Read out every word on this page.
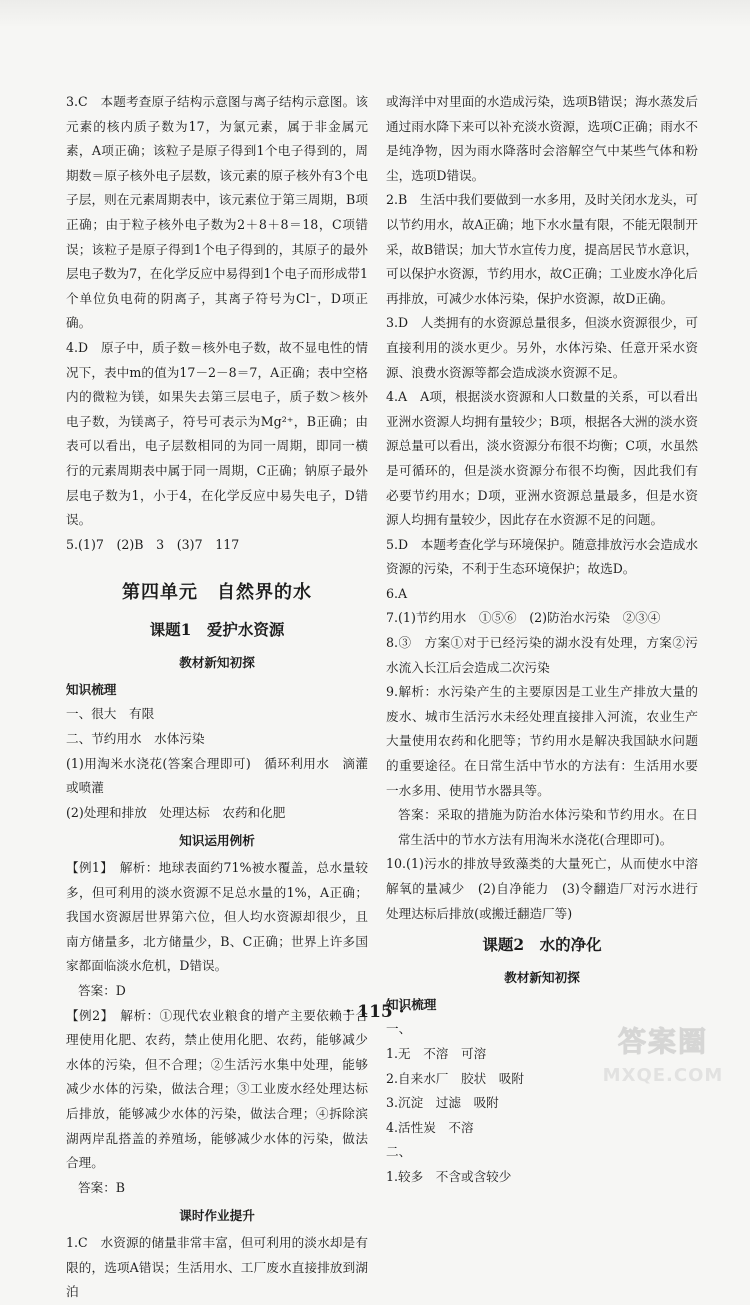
3.C　本题考查原子结构示意图与离子结构示意图。该元素的核内质子数为17，为氯元素，属于非金属元素，A项正确；该粒子是原子得到1个电子得到的，周期数＝原子核外电子层数，该元素的原子核外有3个电子层，则在元素周期表中，该元素位于第三周期，B项正确；由于粒子核外电子数为2＋8＋8＝18，C项错误；该粒子是原子得到1个电子得到的，其原子的最外层电子数为7，在化学反应中易得到1个电子而形成带1个单位负电荷的阴离子，其离子符号为Cl⁻，D项正确。

4.D　原子中，质子数＝核外电子数，故不显电性的情况下，表中m的值为17－2－8＝7，A正确；表中空格内的微粒为镁，如果失去第三层电子，质子数＞核外电子数，为镁离子，符号可表示为Mg²⁺，B正确；由表可以看出，电子层数相同的为同一周期，即同一横行的元素周期表中属于同一周期，C正确；钠原子最外层电子数为1，小于4，在化学反应中易失电子，D错误。

5.(1)7　(2)B　3　(3)7　117

第四单元　自然界的水

课题1　爱护水资源

教材新知初探

知识梳理

一、很大　有限

二、节约用水　水体污染

(1)用淘米水浇花(答案合理即可)　循环利用水　滴灌或喷灌

(2)处理和排放　处理达标　农药和化肥

知识运用例析

【例1】　解析：地球表面约71%被水覆盖，总水量较多，但可利用的淡水资源不足总水量的1%，A正确；我国水资源居世界第六位，但人均水资源却很少，且南方储量多，北方储量少，B、C正确；世界上许多国家都面临淡水危机，D错误。

答案：D

【例2】　解析：①现代农业粮食的增产主要依赖于合理使用化肥、农药，禁止使用化肥、农药，能够减少水体的污染，但不合理；②生活污水集中处理，能够减少水体的污染，做法合理；③工业废水经处理达标后排放，能够减少水体的污染，做法合理；④拆除滨湖两岸乱搭盖的养殖场，能够减少水体的污染，做法合理。

答案：B

课时作业提升

1.C　水资源的储量非常丰富，但可利用的淡水却是有限的，选项A错误；生活用水、工厂废水直接排放到湖泊

或海洋中对里面的水造成污染，选项B错误；海水蒸发后通过雨水降下来可以补充淡水资源，选项C正确；雨水不是纯净物，因为雨水降落时会溶解空气中某些气体和粉尘，选项D错误。

2.B　生活中我们要做到一水多用，及时关闭水龙头，可以节约用水，故A正确；地下水水量有限，不能无限制开采，故B错误；加大节水宣传力度，提高居民节水意识，可以保护水资源，节约用水，故C正确；工业废水净化后再排放，可减少水体污染，保护水资源，故D正确。

3.D　人类拥有的水资源总量很多，但淡水资源很少，可直接利用的淡水更少。另外，水体污染、任意开采水资源、浪费水资源等都会造成淡水资源不足。

4.A　A项，根据淡水资源和人口数量的关系，可以看出亚洲水资源人均拥有量较少；B项，根据各大洲的淡水资源总量可以看出，淡水资源分布很不均衡；C项，水虽然是可循环的，但是淡水资源分布很不均衡，因此我们有必要节约用水；D项，亚洲水资源总量最多，但是水资源人均拥有量较少，因此存在水资源不足的问题。

5.D　本题考查化学与环境保护。随意排放污水会造成水资源的污染，不利于生态环境保护；故选D。

6.A

7.(1)节约用水　①⑤⑥　(2)防治水污染　②③④

8.③　方案①对于已经污染的湖水没有处理，方案②污水流入长江后会造成二次污染

9.解析：水污染产生的主要原因是工业生产排放大量的废水、城市生活污水未经处理直接排入河流，农业生产大量使用农药和化肥等；节约用水是解决我国缺水问题的重要途径。在日常生活中节水的方法有：生活用水要一水多用、使用节水器具等。

答案：采取的措施为防治水体污染和节约用水。在日常生活中的节水方法有用淘米水浇花(合理即可)。

10.(1)污水的排放导致藻类的大量死亡，从而使水中溶解氧的量减少　(2)自净能力　(3)令翻造厂对污水进行处理达标后排放(或搬迁翻造厂等)

课题2　水的净化

教材新知初探

知识梳理

一、

1.无　不溶　可溶

2.自来水厂　胶状　吸附

3.沉淀　过滤　吸附

4.活性炭　不溶

二、

1.较多　不含或含较少

· 115 ·
答案圈
MXQE.COM
